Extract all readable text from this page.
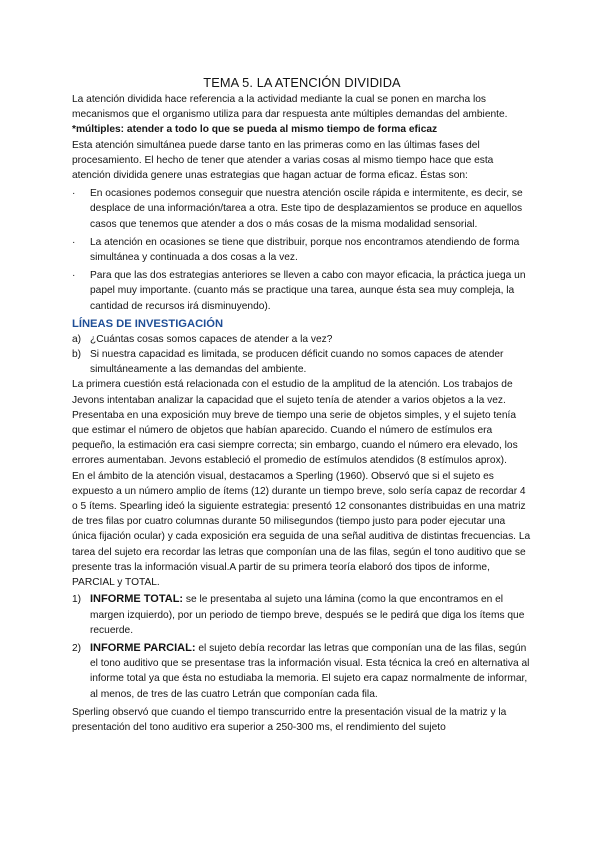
TEMA 5. LA ATENCIÓN DIVIDIDA

La atención dividida hace referencia a la actividad mediante la cual se ponen en marcha los mecanismos que el organismo utiliza para dar respuesta ante múltiples demandas del ambiente. *múltiples: atender a todo lo que se pueda al mismo tiempo de forma eficaz

Esta atención simultánea puede darse tanto en las primeras como en las últimas fases del procesamiento. El hecho de tener que atender a varias cosas al mismo tiempo hace que esta atención dividida genere unas estrategias que hagan actuar de forma eficaz. Éstas son:

· En ocasiones podemos conseguir que nuestra atención oscile rápida e intermitente, es decir, se desplace de una información/tarea a otra. Este tipo de desplazamientos se produce en aquellos casos que tenemos que atender a dos o más cosas de la misma modalidad sensorial.
· La atención en ocasiones se tiene que distribuir, porque nos encontramos atendiendo de forma simultánea y continuada a dos cosas a la vez.
· Para que las dos estrategias anteriores se lleven a cabo con mayor eficacia, la práctica juega un papel muy importante. (cuanto más se practique una tarea, aunque ésta sea muy compleja, la cantidad de recursos irá disminuyendo).
LÍNEAS DE INVESTIGACIÓN
a) ¿Cuántas cosas somos capaces de atender a la vez?
b) Si nuestra capacidad es limitada, se producen déficit cuando no somos capaces de atender simultáneamente a las demandas del ambiente.

La primera cuestión está relacionada con el estudio de la amplitud de la atención. Los trabajos de Jevons intentaban analizar la capacidad que el sujeto tenía de atender a varios objetos a la vez. Presentaba en una exposición muy breve de tiempo una serie de objetos simples, y el sujeto tenía que estimar el número de objetos que habían aparecido. Cuando el número de estímulos era pequeño, la estimación era casi siempre correcta; sin embargo, cuando el número era elevado, los errores aumentaban. Jevons estableció el promedio de estímulos atendidos (8 estímulos aprox).

En el ámbito de la atención visual, destacamos a Sperling (1960). Observó que si el sujeto es expuesto a un número amplio de ítems (12) durante un tiempo breve, solo sería capaz de recordar 4 o 5 ítems. Spearling ideó la siguiente estrategia: presentó 12 consonantes distribuidas en una matriz de tres filas por cuatro columnas durante 50 milisegundos (tiempo justo para poder ejecutar una única fijación ocular) y cada exposición era seguida de una señal auditiva de distintas frecuencias. La tarea del sujeto era recordar las letras que componían una de las filas, según el tono auditivo que se presente tras la información visual.A partir de su primera teoría elaboró dos tipos de informe, PARCIAL y TOTAL.

1) INFORME TOTAL: se le presentaba al sujeto una lámina (como la que encontramos en el margen izquierdo), por un periodo de tiempo breve, después se le pedirá que diga los ítems que recuerde.
2) INFORME PARCIAL: el sujeto debía recordar las letras que componían una de las filas, según el tono auditivo que se presentase tras la información visual. Esta técnica la creó en alternativa al informe total ya que ésta no estudiaba la memoria. El sujeto era capaz normalmente de informar, al menos, de tres de las cuatro Letrán que componían cada fila.

Sperling observó que cuando el tiempo transcurrido entre la presentación visual de la matriz y la presentación del tono auditivo era superior a 250-300 ms, el rendimiento del sujeto
